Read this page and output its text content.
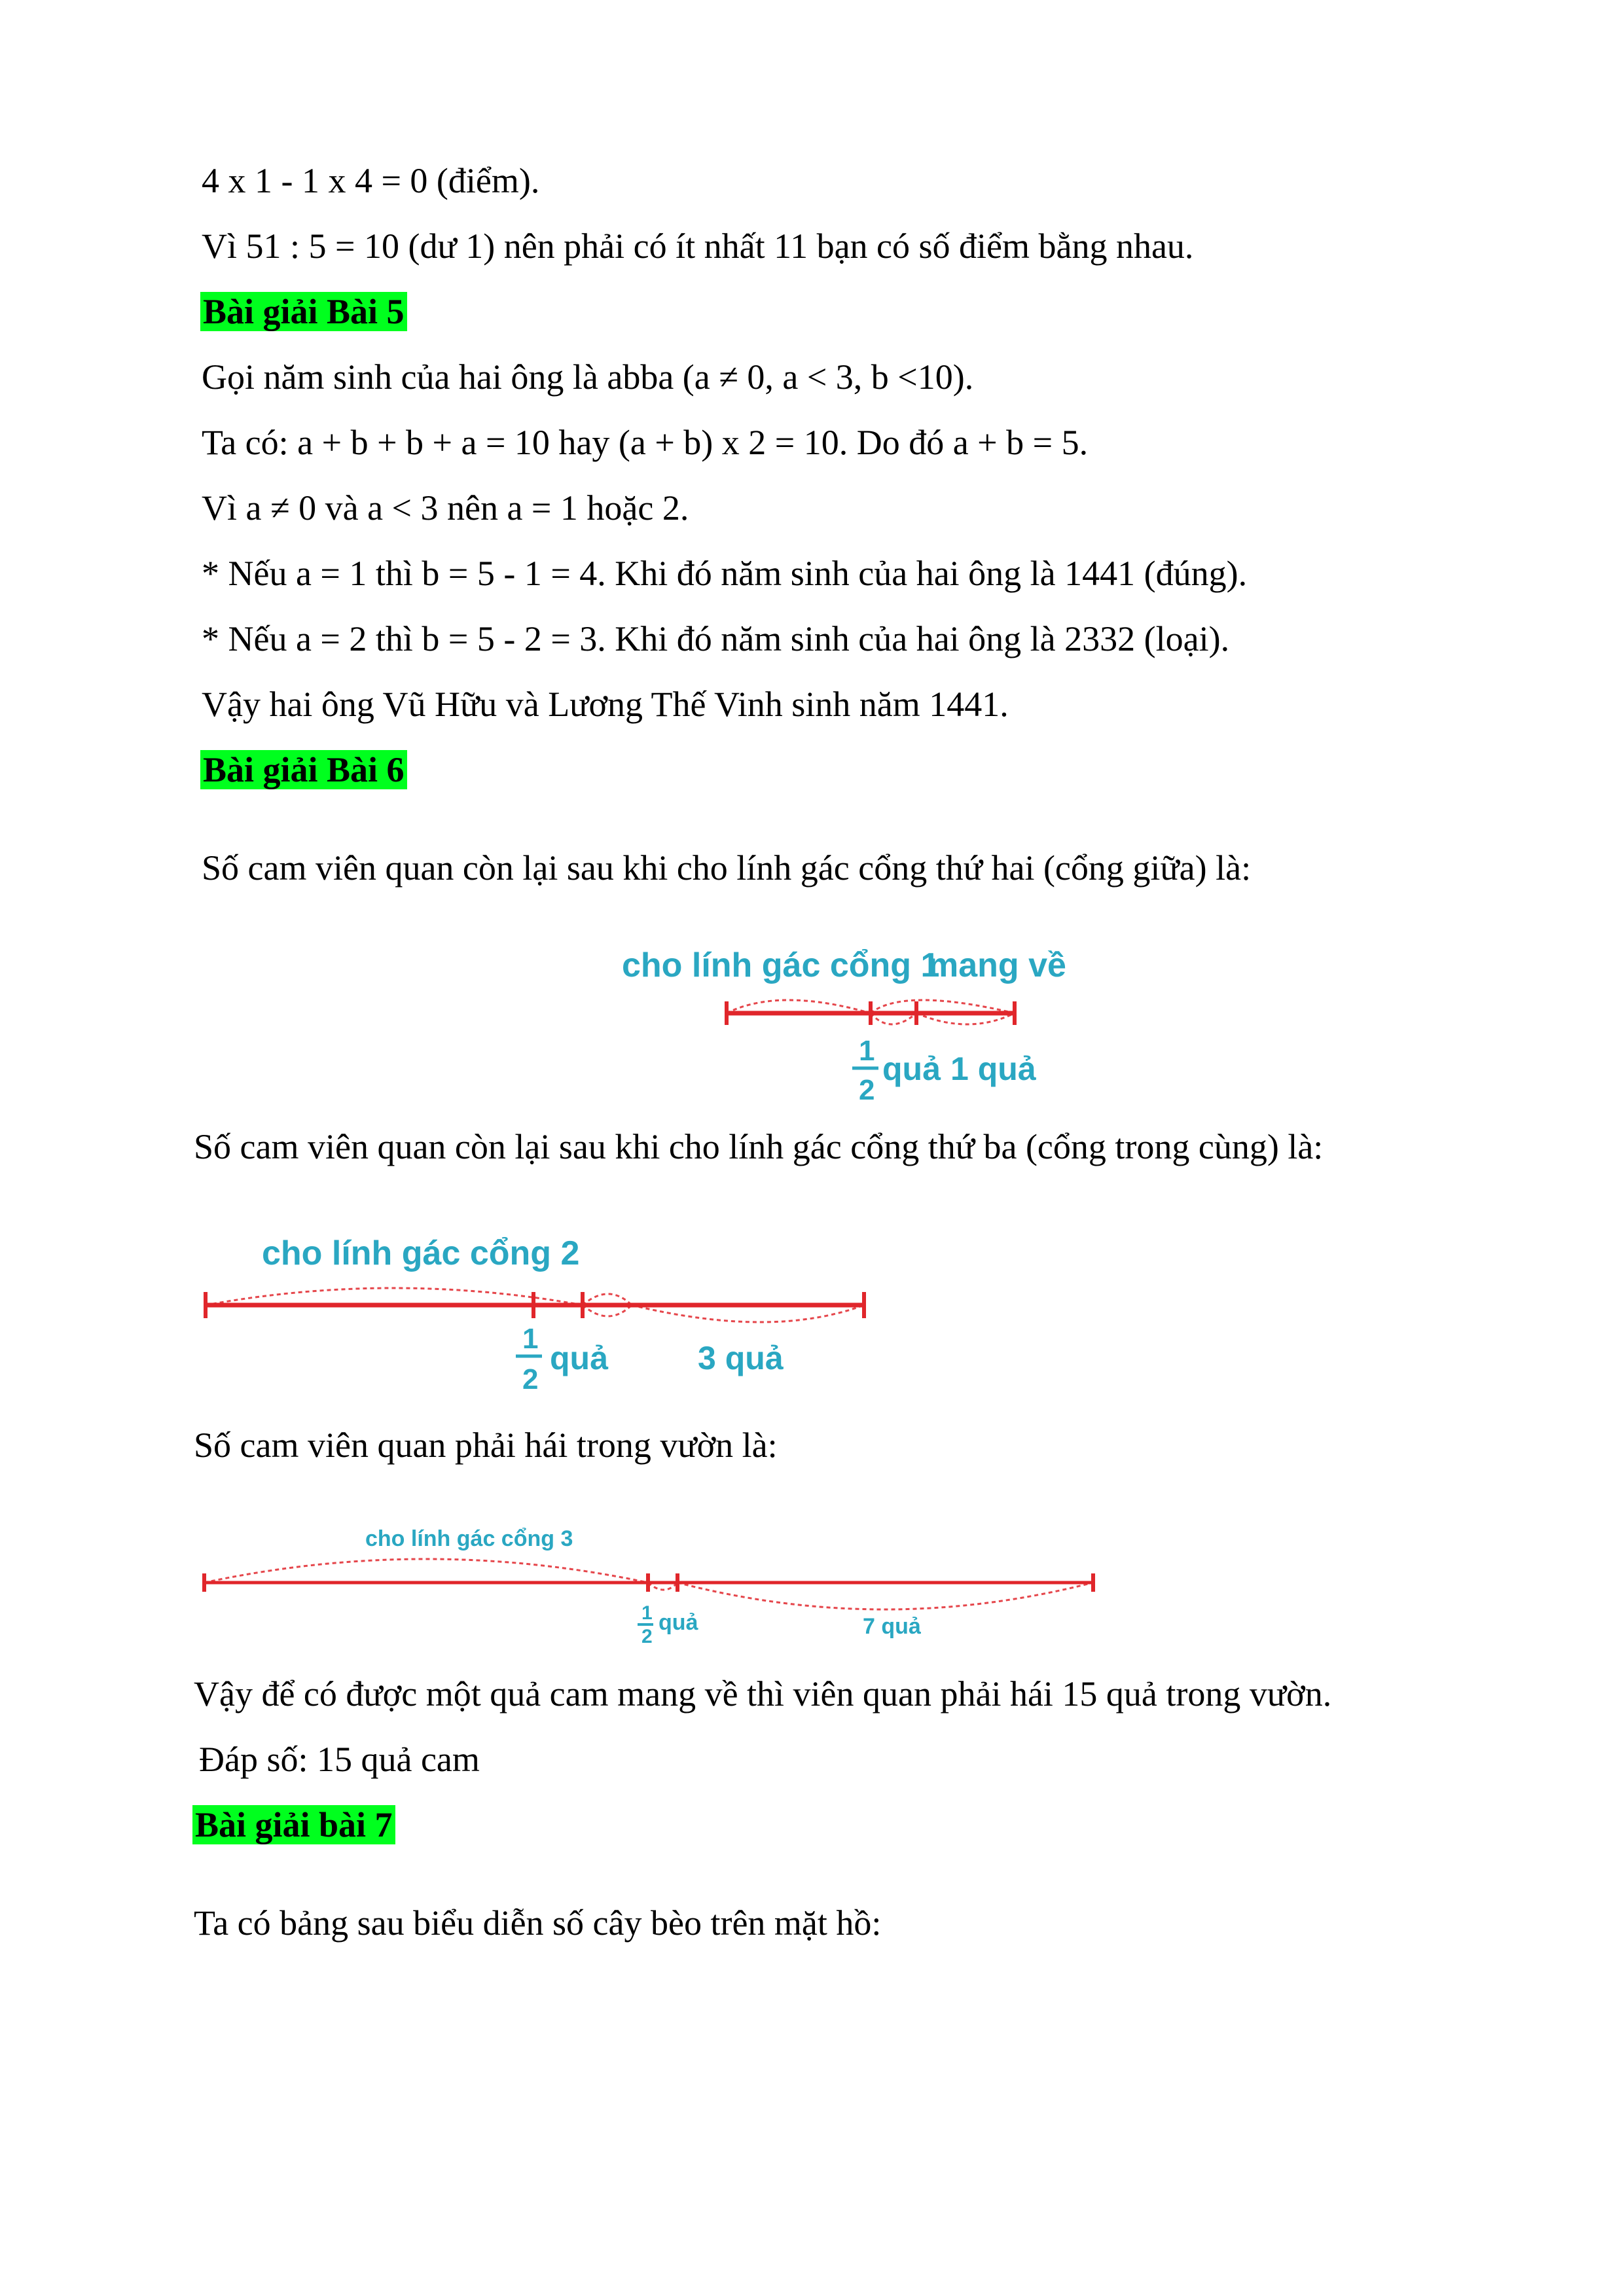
4 x 1 - 1 x 4 = 0 (điểm).
Vì 51 : 5 = 10 (dư 1) nên phải có ít nhất 11 bạn có số điểm bằng nhau.
Bài giải Bài 5
Gọi năm sinh của hai ông là abba (a ≠ 0, a < 3, b <10).
Ta có: a + b + b + a = 10 hay (a + b) x 2 = 10. Do đó a + b = 5.
Vì a ≠ 0 và a < 3 nên a = 1 hoặc 2.
* Nếu a = 1 thì b = 5 - 1 = 4. Khi đó năm sinh của hai ông là 1441 (đúng).
* Nếu a = 2 thì b = 5 - 2 = 3. Khi đó năm sinh của hai ông là 2332 (loại).
Vậy hai ông Vũ Hữu và Lương Thế Vinh sinh năm 1441.
Bài giải Bài 6
Số cam viên quan còn lại sau khi cho lính gác cổng thứ hai (cổng giữa) là:
cho lính gác cổng 1
mang về
1
2
quả 1 quả
Số cam viên quan còn lại sau khi cho lính gác cổng thứ ba (cổng trong cùng) là:
cho lính gác cổng 2
1
2
quả	3 quả
Số cam viên quan phải hái trong vườn là:
cho lính gác cổng 3
1
2
quả	7 quả
Vậy để có được một quả cam mang về thì viên quan phải hái 15 quả trong vườn.
Đáp số: 15 quả cam
Bài giải bài 7
Ta có bảng sau biểu diễn số cây bèo trên mặt hồ:
